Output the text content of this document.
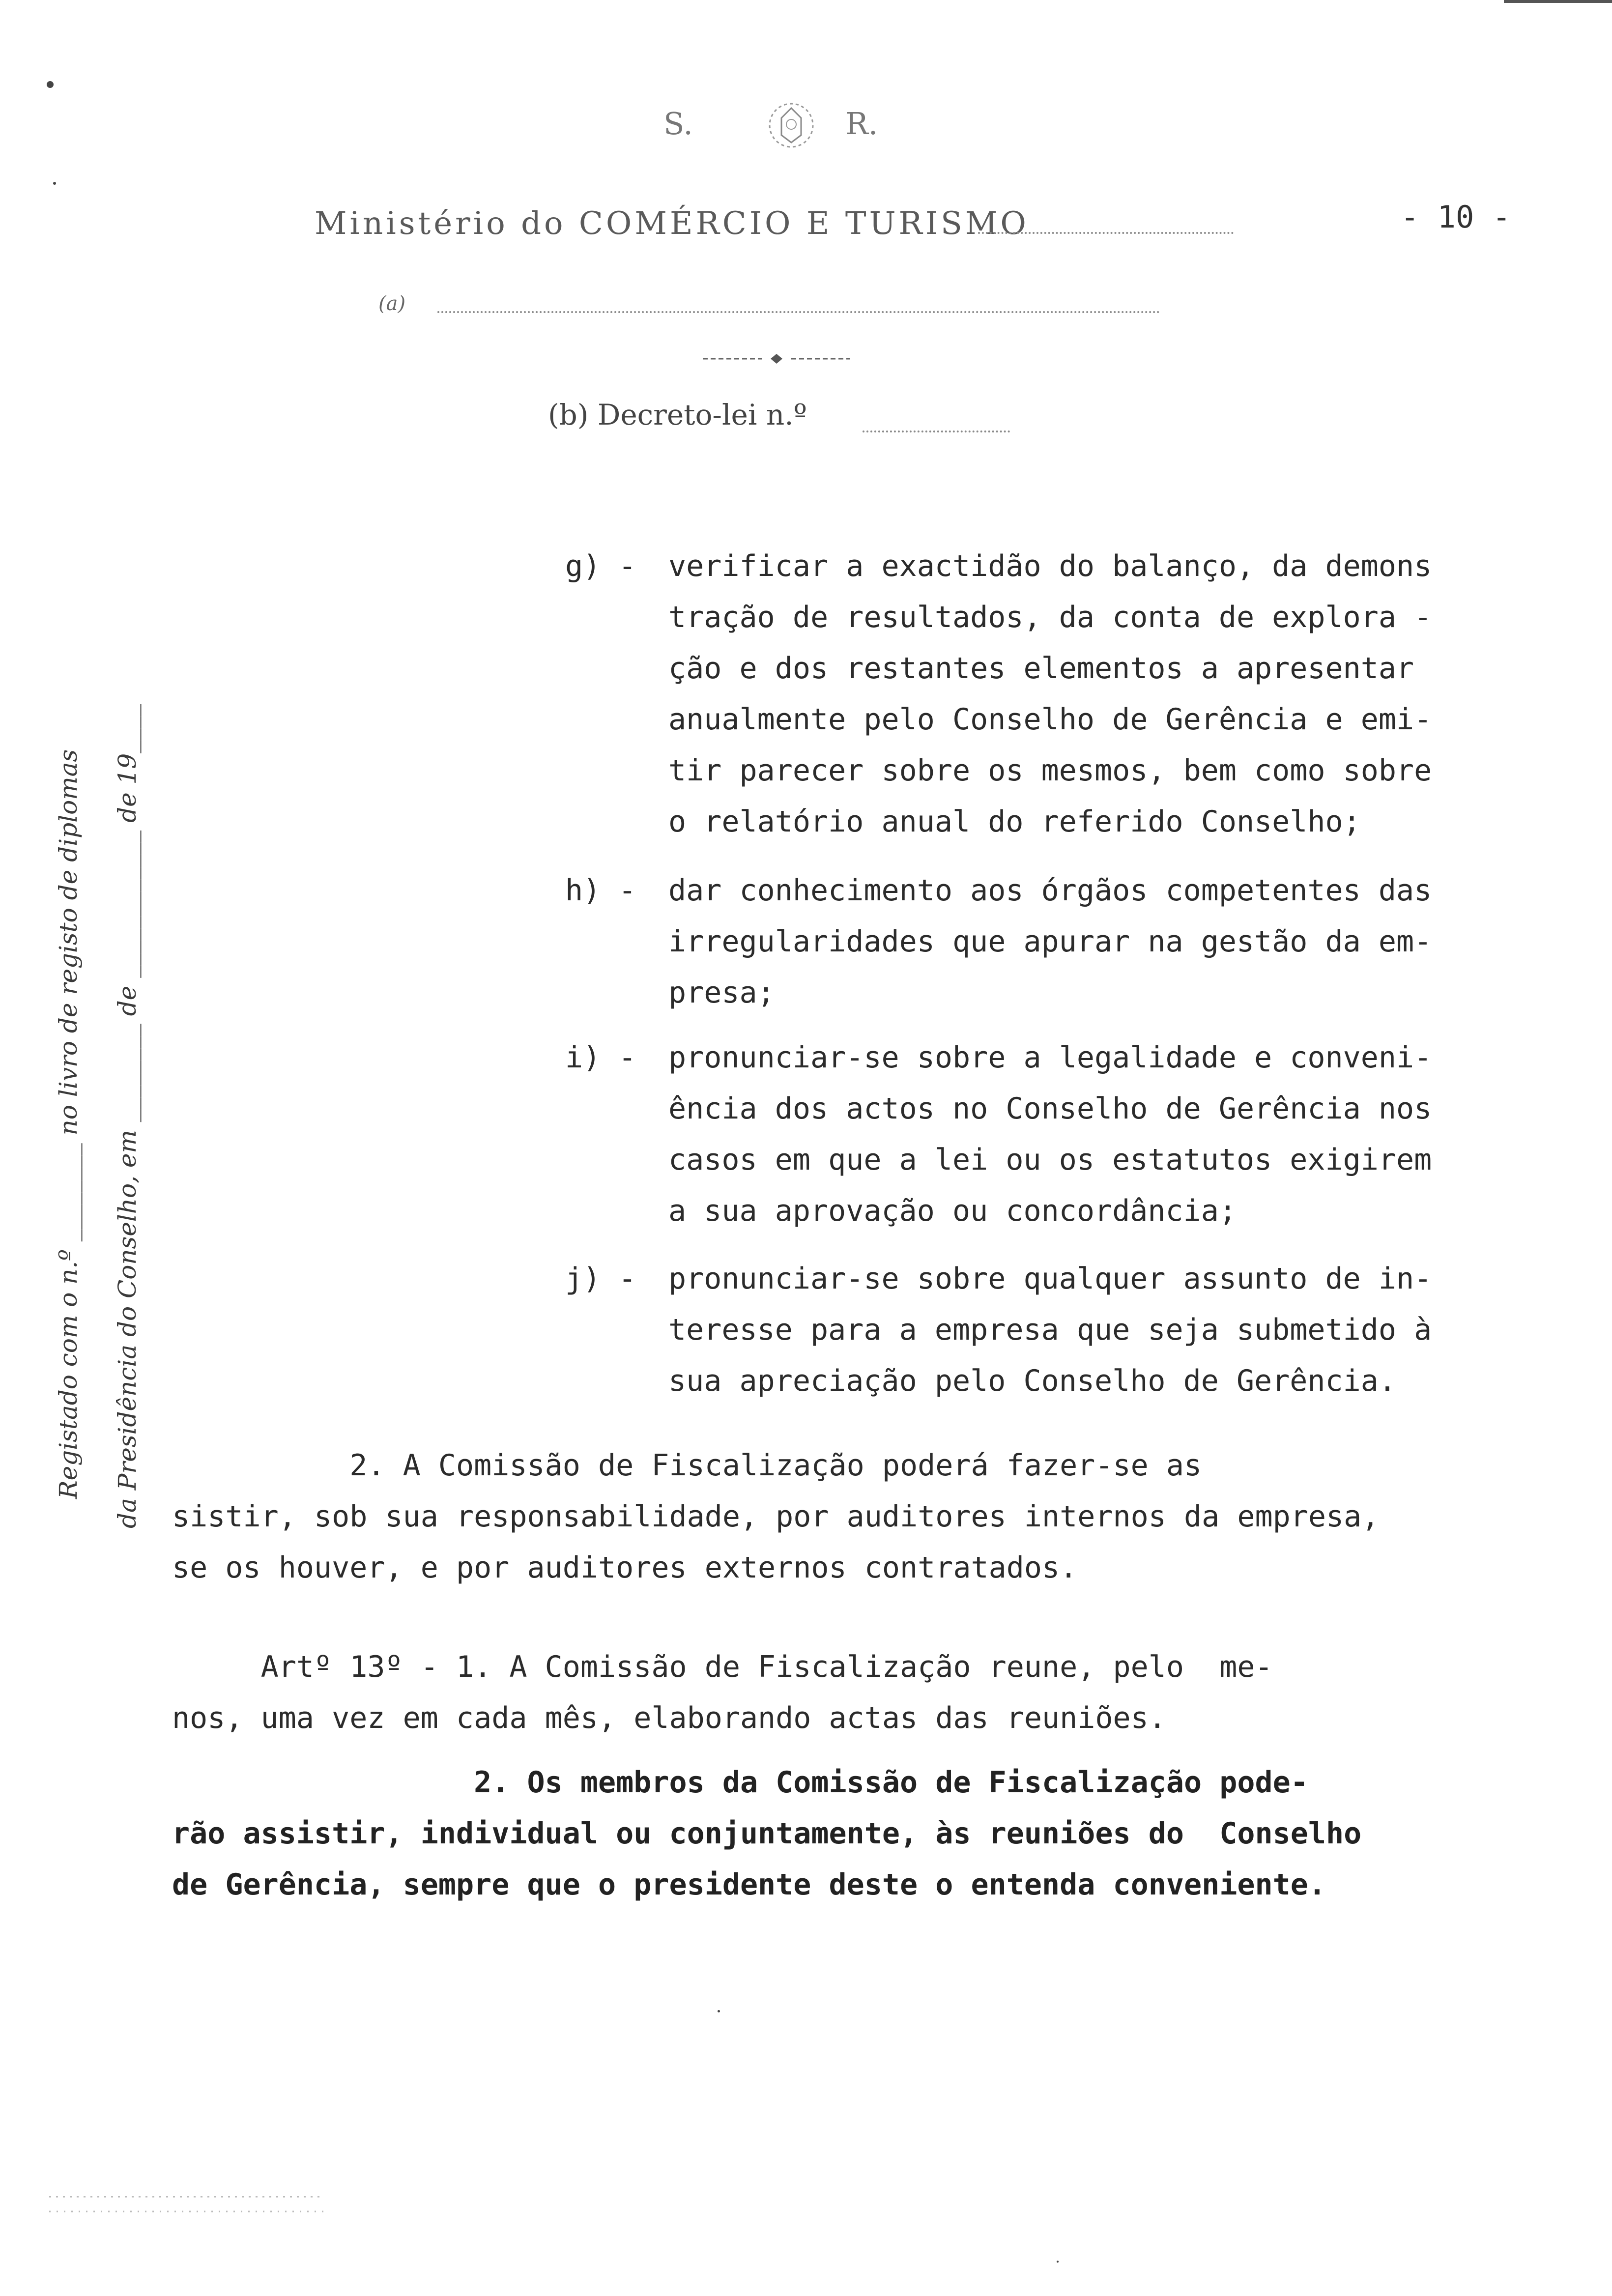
S.	R.
Ministério do COMÉRCIO E TURISMO	- 10 -
(a)
(b) Decreto-lei n.º
Registado com o n.º ________ no livro de registo de diplomas da Presidência do Conselho, em ________ de ____________ de 19____
g) - verificar a exactidão do balanço, da demons
tração de resultados, da conta de explora -
ção e dos restantes elementos a apresentar
anualmente pelo Conselho de Gerência e emi-
tir parecer sobre os mesmos, bem como sobre
o relatório anual do referido Conselho;
h) - dar conhecimento aos órgãos competentes das
irregularidades que apurar na gestão da em-
presa;
i) - pronunciar-se sobre a legalidade e conveni-
ência dos actos no Conselho de Gerência nos
casos em que a lei ou os estatutos exigirem
a sua aprovação ou concordância;
j) - pronunciar-se sobre qualquer assunto de in-
teresse para a empresa que seja submetido à
sua apreciação pelo Conselho de Gerência.
2. A Comissão de Fiscalização poderá fazer-se as
sistir, sob sua responsabilidade, por auditores internos da empresa,
se os houver, e por auditores externos contratados.
Artº 13º - 1. A Comissão de Fiscalização reune, pelo  me-
nos, uma vez em cada mês, elaborando actas das reuniões.
2. Os membros da Comissão de Fiscalização pode-
rão assistir, individual ou conjuntamente, às reuniões do  Conselho
de Gerência, sempre que o presidente deste o entenda conveniente.
